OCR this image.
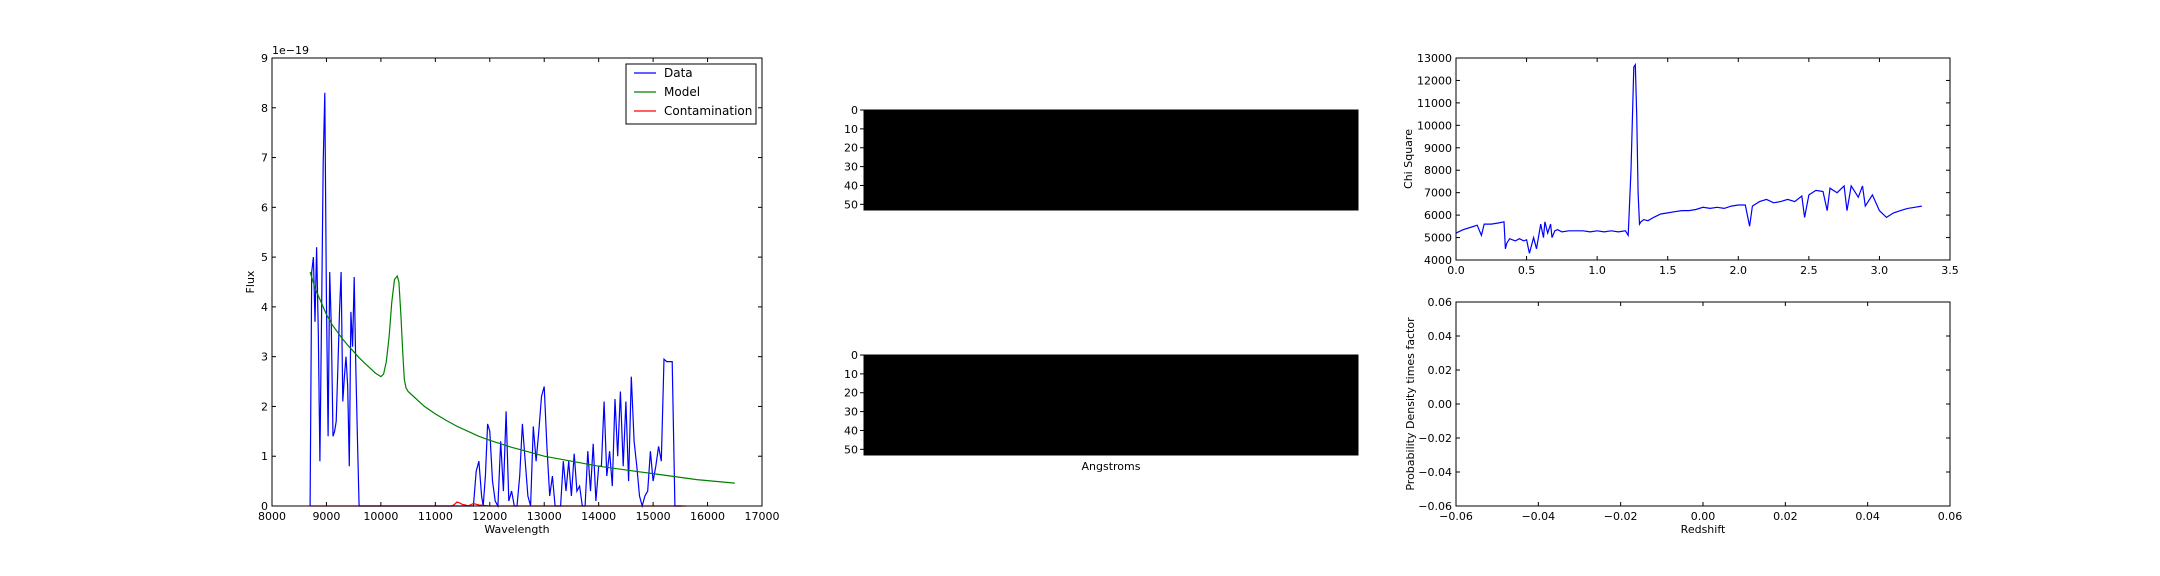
8000 9000 10000 11000 12000 13000 14000 15000 16000 17000
0
1
2
3
4
5
6
7
8
9
1e−19
Wavelength
Flux
Data
Model
Contamination	0
10
20
30
40
50
0
10
20
30
40
50
Angstroms
0.0	0.5	1.0	1.5	2.0	2.5	3.0	3.5
4000
5000
6000
7000
8000
9000
10000
11000
12000
13000
Chi Square
−0.06	−0.04	−0.02	0.00	0.02	0.04	0.06
−0.06
−0.04
−0.02
0.00
0.02
0.04
0.06
Redshift
Probability Density times factor
